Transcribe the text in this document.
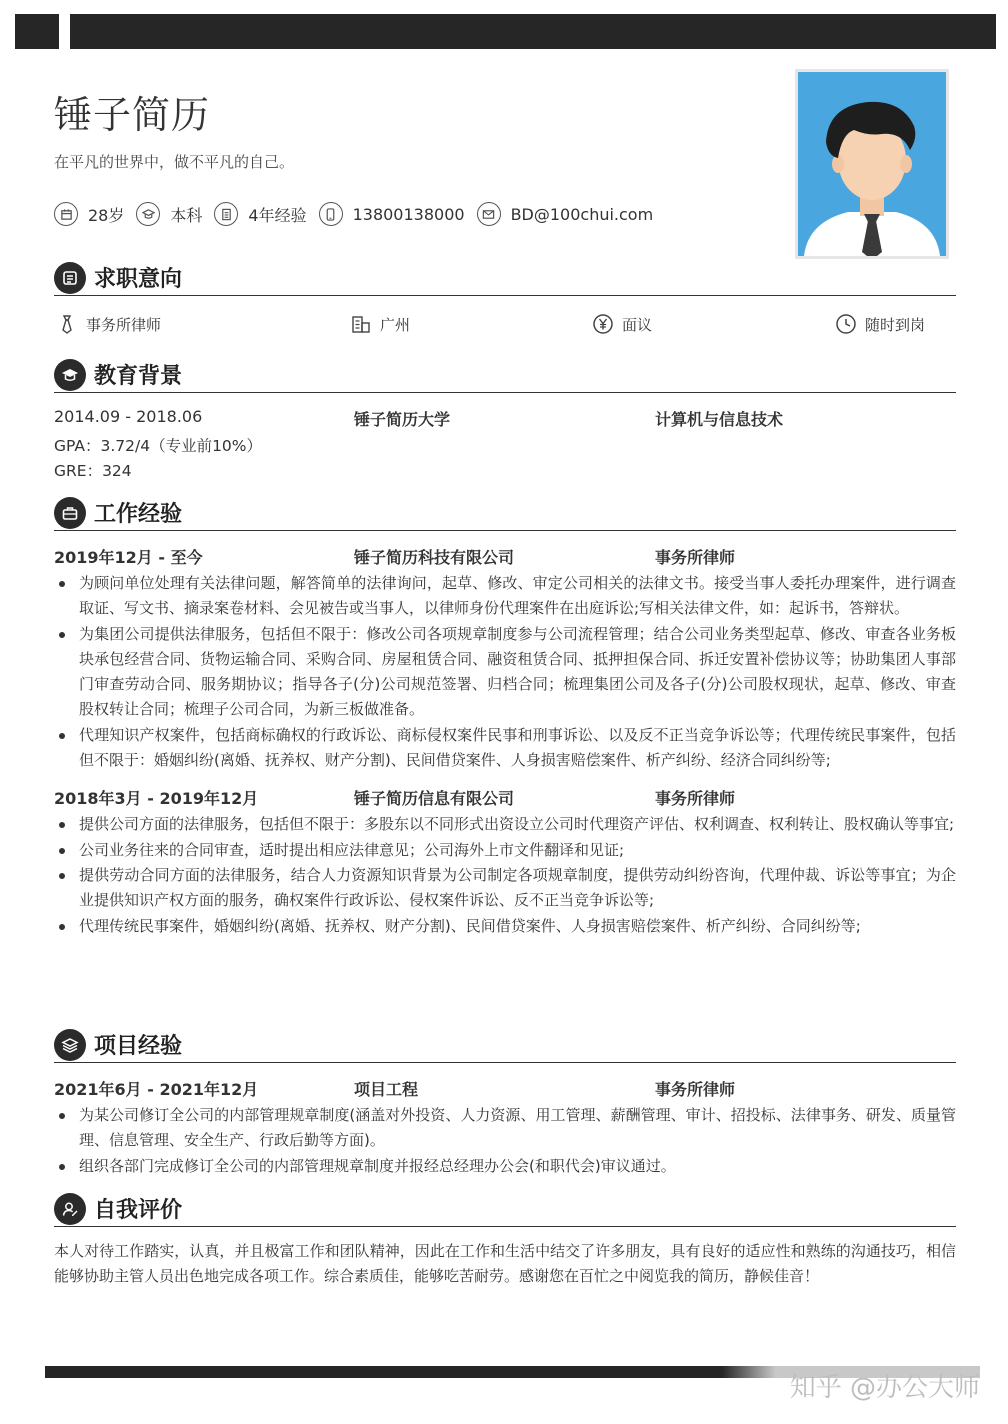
锤子简历
在平凡的世界中，做不平凡的自己。
28岁	本科	4年经验	13800138000	BD@100chui.com
求职意向
事务所律师	广州	面议	随时到岗
教育背景
2014.09 - 2018.06	锤子简历大学	计算机与信息技术
GPA：3.72/4（专业前10%）
GRE：324
工作经验
2019年12月 - 至今	锤子简历科技有限公司	事务所律师
为顾问单位处理有关法律问题，解答简单的法律询问，起草、修改、审定公司相关的法律文书。接受当事人委托办理案件，进行调查取证、写文书、摘录案卷材料、会见被告或当事人，以律师身份代理案件在出庭诉讼;写相关法律文件，如：起诉书，答辩状。
为集团公司提供法律服务，包括但不限于：修改公司各项规章制度参与公司流程管理；结合公司业务类型起草、修改、审查各业务板块承包经营合同、货物运输合同、采购合同、房屋租赁合同、融资租赁合同、抵押担保合同、拆迁安置补偿协议等；协助集团人事部门审查劳动合同、服务期协议；指导各子(分)公司规范签署、归档合同；梳理集团公司及各子(分)公司股权现状，起草、修改、审查股权转让合同；梳理子公司合同，为新三板做准备。
代理知识产权案件，包括商标确权的行政诉讼、商标侵权案件民事和刑事诉讼、以及反不正当竞争诉讼等；代理传统民事案件，包括但不限于：婚姻纠纷(离婚、抚养权、财产分割)、民间借贷案件、人身损害赔偿案件、析产纠纷、经济合同纠纷等;
2018年3月 - 2019年12月	锤子简历信息有限公司	事务所律师
提供公司方面的法律服务，包括但不限于：多股东以不同形式出资设立公司时代理资产评估、权利调查、权利转让、股权确认等事宜;
公司业务往来的合同审查，适时提出相应法律意见；公司海外上市文件翻译和见证;
提供劳动合同方面的法律服务，结合人力资源知识背景为公司制定各项规章制度，提供劳动纠纷咨询，代理仲裁、诉讼等事宜；为企业提供知识产权方面的服务，确权案件行政诉讼、侵权案件诉讼、反不正当竞争诉讼等;
代理传统民事案件，婚姻纠纷(离婚、抚养权、财产分割)、民间借贷案件、人身损害赔偿案件、析产纠纷、合同纠纷等;
项目经验
2021年6月 - 2021年12月	项目工程	事务所律师
为某公司修订全公司的内部管理规章制度(涵盖对外投资、人力资源、用工管理、薪酬管理、审计、招投标、法律事务、研发、质量管理、信息管理、安全生产、行政后勤等方面)。
组织各部门完成修订全公司的内部管理规章制度并报经总经理办公会(和职代会)审议通过。
自我评价
本人对待工作踏实，认真，并且极富工作和团队精神，因此在工作和生活中结交了许多朋友，具有良好的适应性和熟练的沟通技巧，相信能够协助主管人员出色地完成各项工作。综合素质佳，能够吃苦耐劳。感谢您在百忙之中阅览我的简历，静候佳音！
知乎 @办公大师
